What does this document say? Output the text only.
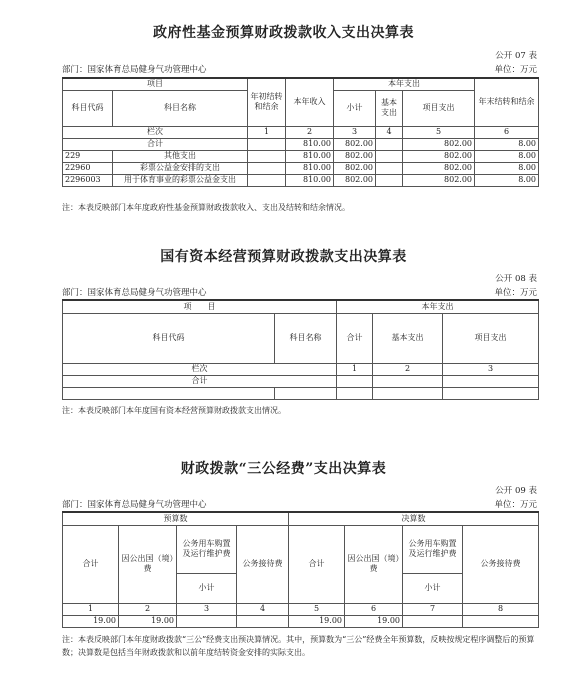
政府性基金预算财政拨款收入支出决算表
公开 07 表
部门：国家体育总局健身气功管理中心	单位：万元
项目		年初结转和结余	本年收入	本年支出			年末结转和结余
科目代码	科目名称			小计	基本支出	项目支出	

栏次		1	2	3	4	5	6
合计			810.00	802.00		802.00	8.00
229	其他支出		810.00	802.00		802.00	8.00
22960	彩票公益金安排的支出		810.00	802.00		802.00	8.00
2296003	用于体育事业的彩票公益金支出		810.00	802.00		802.00	8.00
注：本表反映部门本年度政府性基金预算财政拨款收入、支出及结转和结余情况。
国有资本经营预算财政拨款支出决算表
公开 08 表
部门：国家体育总局健身气功管理中心	单位：万元
项　　目		本年支出		
科目代码	科目名称	合计	基本支出	项目支出
栏次		1	2	3
合计				

注：本表反映部门本年度国有资本经营预算财政拨款支出情况。
财政拨款“三公经费”支出决算表
公开 09 表
部门：国家体育总局健身气功管理中心	单位：万元
预算数				决算数			
合计	因公出国（境）费	公务用车购置及运行维护费	公务接待费	合计	因公出国（境）费	公务用车购置及运行维护费	公务接待费
		小计				小计	
1	2	3	4	5	6	7	8
19.00	19.00			19.00	19.00		
注：本表反映部门本年度财政拨款“三公”经费支出预决算情况。其中，预算数为“三公”经费全年预算数，反映按规定程序调整后的预算数；决算数是包括当年财政拨款和以前年度结转资金安排的实际支出。
